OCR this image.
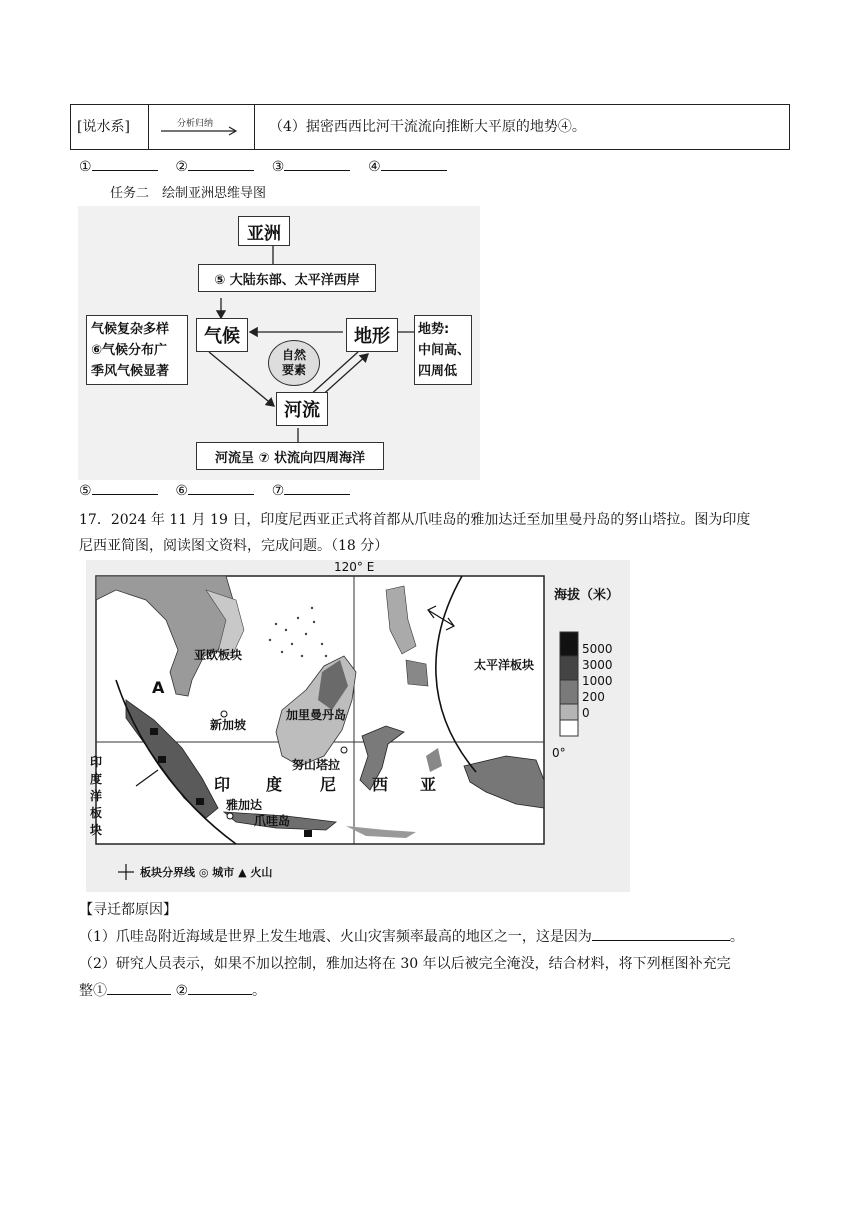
[说水系]	分析归纳	（4）据密西西比河干流流向推断大平原的地势④。
①	②	③	④
任务二　绘制亚洲思维导图
亚洲
⑤ 大陆东部、太平洋西岸
气候复杂多样
⑥气候分布广
季风气候显著
气候
自然
要素
地形	地势:
中间高、
四周低
河流
河流呈 ⑦ 状流向四周海洋
⑤	⑥	⑦
17．2024 年 11 月 19 日，印度尼西亚正式将首都从爪哇岛的雅加达迁至加里曼丹岛的努山塔拉。图为印度
尼西亚简图，阅读图文资料，完成问题。（18 分）
120° E
0°
海拔（米）
5000
3000
1000
200
0
亚欧板块
太平洋板块
A
新加坡
加里曼丹岛
努山塔拉
雅加达
爪哇岛
印
度
洋
板
块
印 度 尼 西 亚
板块分界线 ◎ 城市 ▲ 火山
【寻迁都原因】
（1）爪哇岛附近海域是世界上发生地震、火山灾害频率最高的地区之一，这是因为	。
（2）研究人员表示，如果不加以控制，雅加达将在 30 年以后被完全淹没，结合材料，将下列框图补充完
整①	②	。
